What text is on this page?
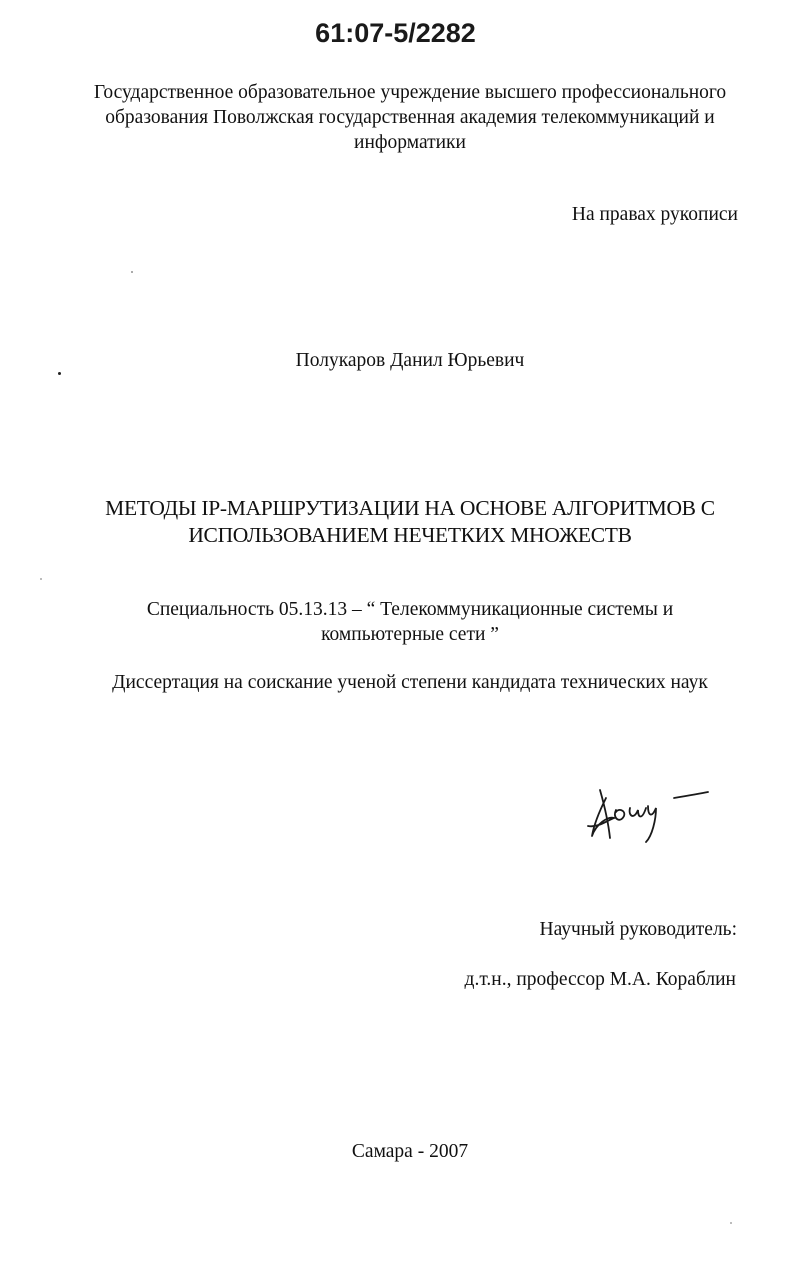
61:07-5/2282
Государственное образовательное учреждение высшего профессионального
образования Поволжская государственная академия телекоммуникаций и
информатики
На правах рукописи
Полукаров Данил Юрьевич
МЕТОДЫ IP-МАРШРУТИЗАЦИИ НА ОСНОВЕ АЛГОРИТМОВ С
ИСПОЛЬЗОВАНИЕМ НЕЧЕТКИХ МНОЖЕСТВ
Специальность 05.13.13 – “ Телекоммуникационные системы и
компьютерные сети ”
Диссертация на соискание ученой степени кандидата технических наук
Научный руководитель:
д.т.н., профессор М.А. Кораблин
Самара - 2007
